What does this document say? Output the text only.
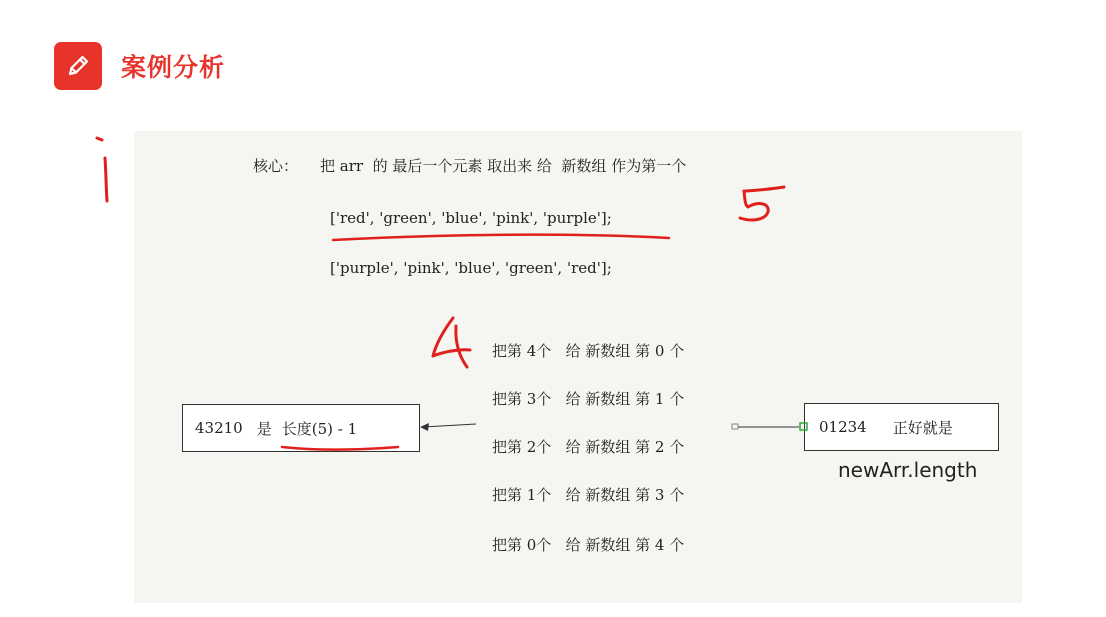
案例分析
核心： 把 arr  的 最后一个元素 取出来 给  新数组 作为第一个
['red', 'green', 'blue', 'pink', 'purple'];
['purple', 'pink', 'blue', 'green', 'red'];
把第 4个   给 新数组 第 0 个
把第 3个   给 新数组 第 1 个
把第 2个   给 新数组 第 2 个
把第 1个   给 新数组 第 3 个
把第 0个   给 新数组 第 4 个
43210 是 长度(5) - 1	01234 正好就是
newArr.length
